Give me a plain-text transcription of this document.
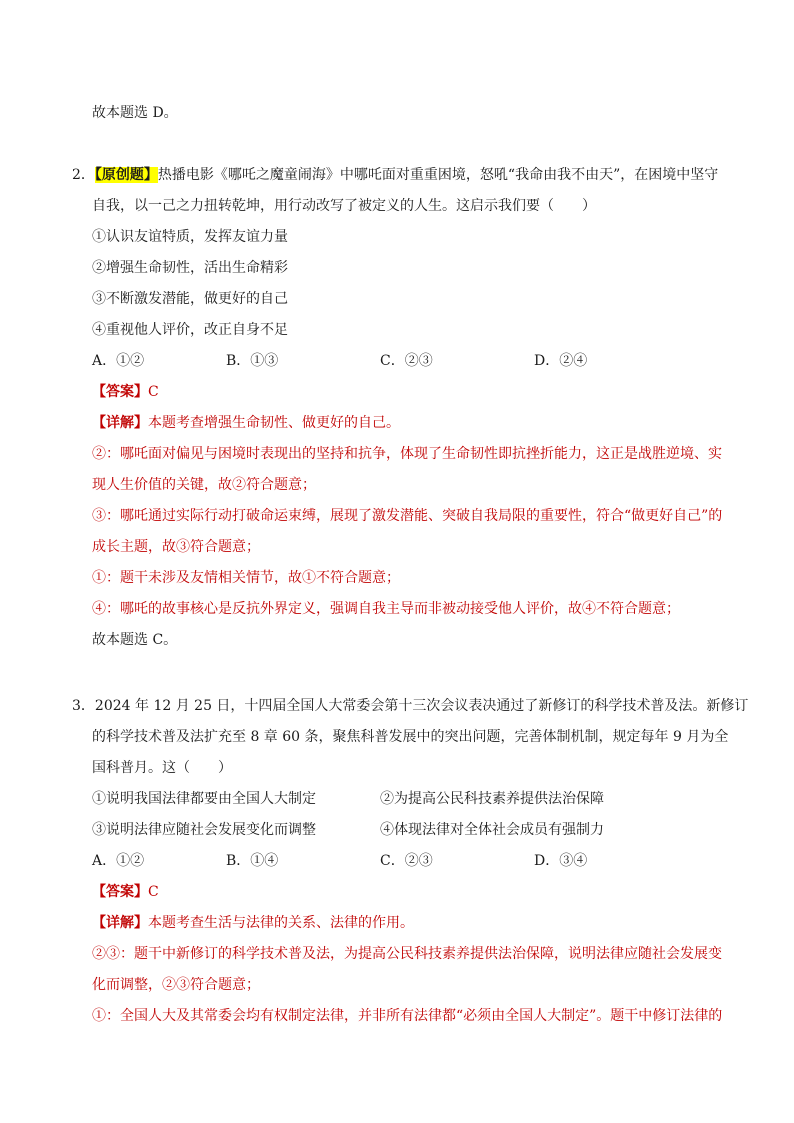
故本题选 D。
2．【原创题】热播电影《哪吒之魔童闹海》中哪吒面对重重困境，怒吼“我命由我不由天”，在困境中坚守
自我，以一己之力扭转乾坤，用行动改写了被定义的人生。这启示我们要（　　）
①认识友谊特质，发挥友谊力量
②增强生命韧性，活出生命精彩
③不断激发潜能，做更好的自己
④重视他人评价，改正自身不足
A．①②	B．①③	C．②③	D．②④
【答案】C
【详解】本题考查增强生命韧性、做更好的自己。
②：哪吒面对偏见与困境时表现出的坚持和抗争，体现了生命韧性即抗挫折能力，这正是战胜逆境、实
现人生价值的关键，故②符合题意；
③：哪吒通过实际行动打破命运束缚，展现了激发潜能、突破自我局限的重要性，符合“做更好自己”的
成长主题，故③符合题意；
①：题干未涉及友情相关情节，故①不符合题意；
④：哪吒的故事核心是反抗外界定义，强调自我主导而非被动接受他人评价，故④不符合题意；
故本题选 C。
3．2024 年 12 月 25 日，十四届全国人大常委会第十三次会议表决通过了新修订的科学技术普及法。新修订
的科学技术普及法扩充至 8 章 60 条，聚焦科普发展中的突出问题，完善体制机制，规定每年 9 月为全
国科普月。这（　　）
①说明我国法律都要由全国人大制定	②为提高公民科技素养提供法治保障
③说明法律应随社会发展变化而调整	④体现法律对全体社会成员有强制力
A．①②	B．①④	C．②③	D．③④
【答案】C
【详解】本题考查生活与法律的关系、法律的作用。
②③：题干中新修订的科学技术普及法，为提高公民科技素养提供法治保障，说明法律应随社会发展变
化而调整，②③符合题意；
①：全国人大及其常委会均有权制定法律，并非所有法律都“必须由全国人大制定”。题干中修订法律的
